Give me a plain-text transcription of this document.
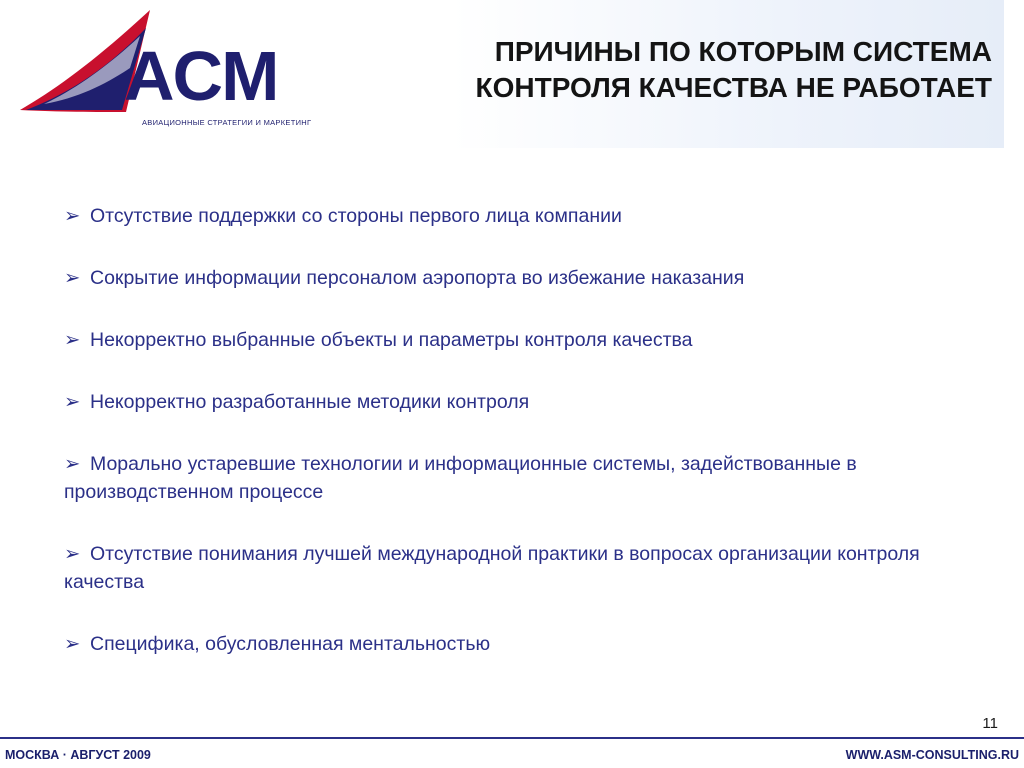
ACM
АВИАЦИОННЫЕ СТРАТЕГИИ И МАРКЕТИНГ
ПРИЧИНЫ ПО КОТОРЫМ СИСТЕМА
КОНТРОЛЯ КАЧЕСТВА НЕ РАБОТАЕТ
➢ Отсутствие поддержки со стороны первого лица компании
➢ Сокрытие информации персоналом аэропорта во избежание наказания
➢ Некорректно выбранные объекты и параметры контроля качества
➢ Некорректно разработанные методики контроля
➢ Морально устаревшие технологии и информационные системы, задействованные в производственном процессе
➢ Отсутствие понимания лучшей международной практики в вопросах организации контроля качества
➢ Специфика, обусловленная ментальностью
11
МОСКВА · АВГУСТ 2009	WWW.ASM-CONSULTING.RU
